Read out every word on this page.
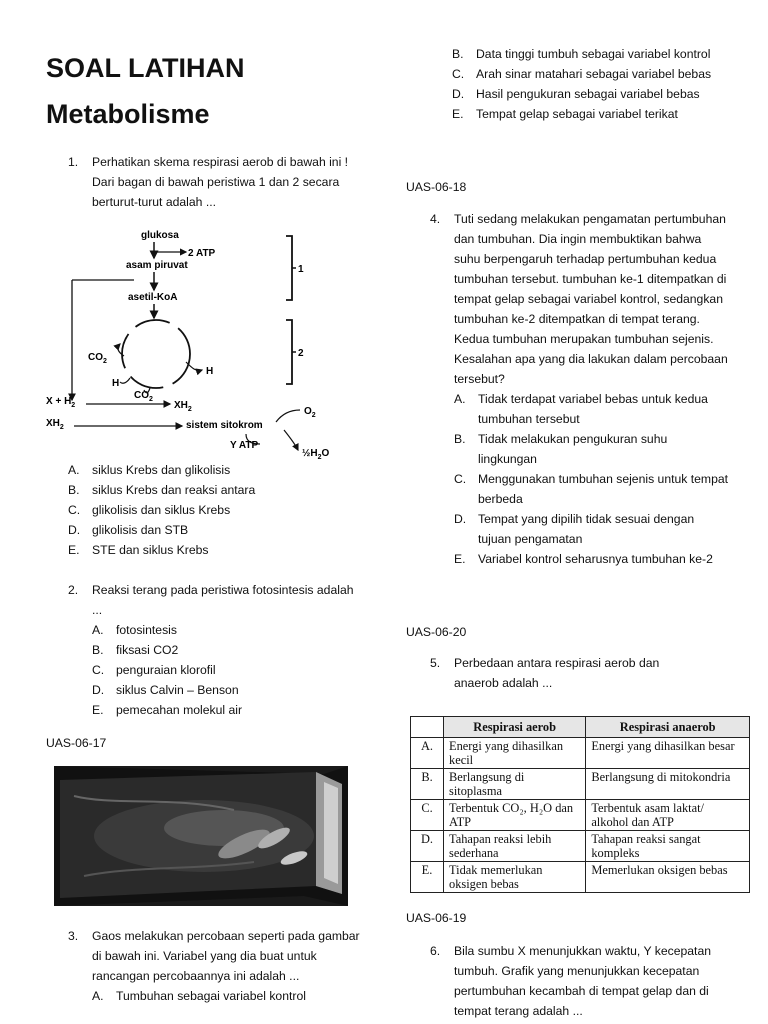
SOAL LATIHAN
Metabolisme
1. Perhatikan skema respirasi aerob di bawah ini ! Dari bagan di bawah peristiwa 1 dan 2 secara berturut-turut adalah ...
glukosa
2 ATP
asam piruvat
asetil-KoA
1
2
$CO_2$
H
H
$CO_2$
$X + H_2$	$XH_2$
$XH_2$	sistem sitokrom
$O_2$
Y ATP
$\frac{1}{2}H_2O$
A. siklus Krebs dan glikolisis
B. siklus Krebs dan reaksi antara
C. glikolisis dan siklus Krebs
D. glikolisis dan STB
E. STE dan siklus Krebs
2. Reaksi terang pada peristiwa fotosintesis adalah ...
A. fotosintesis
B. fiksasi CO2
C. penguraian klorofil
D. siklus Calvin – Benson
E. pemecahan molekul air
UAS-06-17
3. Gaos melakukan percobaan seperti pada gambar di bawah ini. Variabel yang dia buat untuk rancangan percobaannya ini adalah ...
A. Tumbuhan sebagai variabel kontrol
B. Data tinggi tumbuh sebagai variabel kontrol
C. Arah sinar matahari sebagai variabel bebas
D. Hasil pengukuran sebagai variabel bebas
E. Tempat gelap sebagai variabel terikat
UAS-06-18
4. Tuti sedang melakukan pengamatan pertumbuhan dan tumbuhan. Dia ingin membuktikan bahwa suhu berpengaruh terhadap pertumbuhan kedua tumbuhan tersebut. tumbuhan ke-1 ditempatkan di tempat gelap sebagai variabel kontrol, sedangkan tumbuhan ke-2 ditempatkan di tempat terang. Kedua tumbuhan merupakan tumbuhan sejenis. Kesalahan apa yang dia lakukan dalam percobaan tersebut?
A. Tidak terdapat variabel bebas untuk kedua tumbuhan tersebut
B. Tidak melakukan pengukuran suhu lingkungan
C. Menggunakan tumbuhan sejenis untuk tempat berbeda
D. Tempat yang dipilih tidak sesuai dengan tujuan pengamatan
E. Variabel kontrol seharusnya tumbuhan ke-2
UAS-06-20
5. Perbedaan antara respirasi aerob dan anaerob adalah ...
	Respirasi aerob	Respirasi anaerob
A.	Energi yang dihasilkan kecil	Energi yang dihasilkan besar
B.	Berlangsung di sitoplasma	Berlangsung di mitokondria
C.	Terbentuk CO₂, H₂O dan ATP	Terbentuk asam laktat/ alkohol dan ATP
D.	Tahapan reaksi lebih sederhana	Tahapan reaksi sangat kompleks
E.	Tidak memerlukan oksigen bebas	Memerlukan oksigen bebas
UAS-06-19
6. Bila sumbu X menunjukkan waktu, Y kecepatan tumbuh. Grafik yang menunjukkan kecepatan pertumbuhan kecambah di tempat gelap dan di tempat terang adalah ...
